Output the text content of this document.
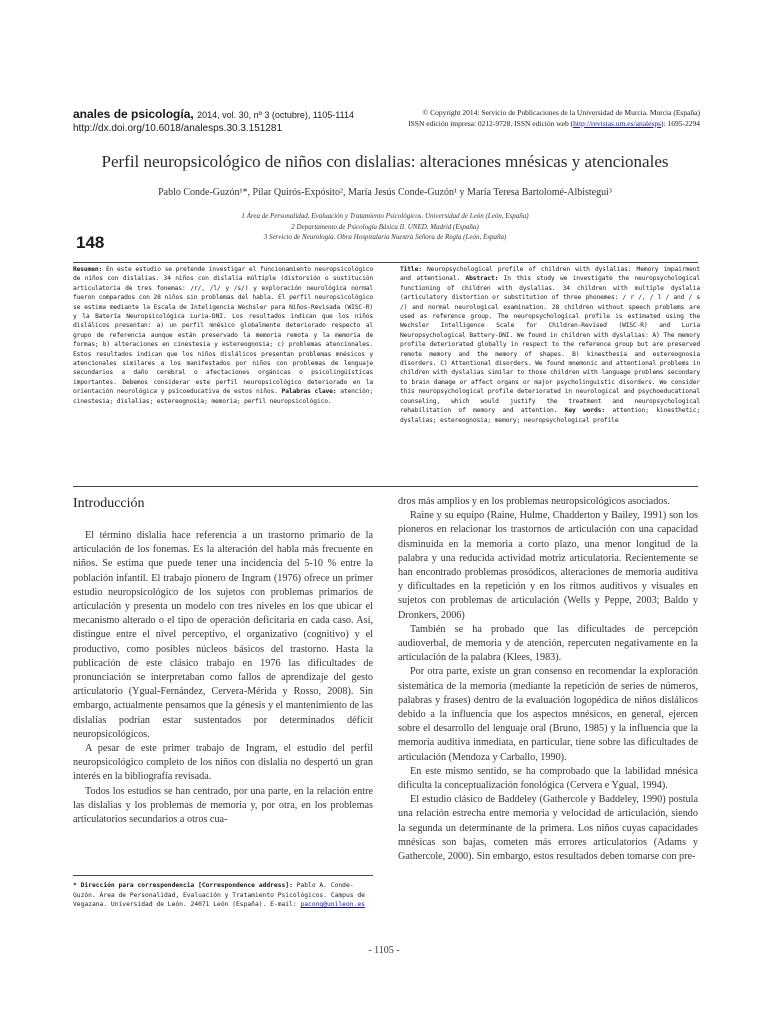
anales de psicología, 2014, vol. 30, nº 3 (octubre), 1105-1114
http://dx.doi.org/10.6018/analesps.30.3.151281
© Copyright 2014: Servicio de Publicaciones de la Universidad de Murcia. Murcia (España)
ISSN edición impresa: 0212-9728. ISSN edición web (http://revistas.um.es/analesps): 1695-2294
Perfil neuropsicológico de niños con dislalias: alteraciones mnésicas y atencionales
Pablo Conde-Guzón¹*, Pilar Quirós-Expósito², María Jesús Conde-Guzón¹ y María Teresa Bartolomé-Albistegui³
1 Área de Personalidad, Evaluación y Tratamiento Psicológicos. Universidad de León (León, España)
2 Departamento de Psicología Básica II. UNED. Madrid (España)
3 Servicio de Neurología. Obra Hospitalaria Nuestra Señora de Regla (León, España)
148
Resumen: En este estudio se pretende investigar el funcionamiento neuropsicológico de niños con dislalias. 34 niños con dislalia múltiple (distorsión o sustitución articulatoria de tres fonemas: /r/, /l/ y /s/) y exploración neurológica normal fueron comparados con 28 niños sin problemas del habla. El perfil neuropsicológico se estima mediante la Escala de Inteligencia Wechsler para Niños-Revisada (WISC-R) y la Batería Neuropsicológica Luria-DNI. Los resultados indican que los niños dislálicos presentan: a) un perfil mnésico globalmente deteriorado respecto al grupo de referencia aunque están preservado la memoria remota y la memoria de formas; b) alteraciones en cinestesia y estereognosia; c) problemas atencionales. Estos resultados indican que los niños dislálicos presentan problemas mnésicos y atencionales similares a los manifestados por niños con problemas de lenguaje secundarios a daño cerebral o afectaciones orgánicas o psicolingüísticas importantes. Debemos considerar este perfil neuropsicológico deteriorado en la orientación neurológica y psicoeducativa de estos niños. Palabras clave: atención; cinestesia; dislalias; estereognosia; memoria; perfil neuropsicológico.
Title: Neuropsychological profile of children with dyslalias: Memory impairment and attentional. Abstract: In this study we investigate the neuropsychological functioning of children with dyslalias. 34 children with multiple dyslalia (articulatory distortion or substitution of three phonemes: / r /, / l / and / s /) and normal neurological examination. 28 children without speech problems are used as reference group. The neuropsychological profile is estimated using the Wechsler Intelligence Scale for Children-Revised (WISC-R) and Luria Neuropsychological Battery-DNI. We found in children with dyslalias: A) The memory profile deteriorated globally in respect to the reference group but are preserved remote memory and the memory of shapes. B) kinesthesia and estereognosia disorders. C) Attentional disorders. We found mnemonic and attentional problems in children with dyslalias similar to those children with language problems secondary to brain damage or affect organs or major psycholinguistic disorders. We consider this neuropsychological profile deteriorated in neurological and psychoeducational counseling, which would justify the treatment and neuropsychological rehabilitation of memory and attention. Key words: attention; kinesthetic; dyslalias; estereognosia; memory; neuropsychological profile
Introducción

El término dislalia hace referencia a un trastorno primario de la articulación de los fonemas. Es la alteración del habla más frecuente en niños. Se estima que puede tener una incidencia del 5-10 % entre la población infantil. El trabajo pionero de Ingram (1976) ofrece un primer estudio neuropsicológico de los sujetos con problemas primarios de articulación y presenta un modelo con tres niveles en los que ubicar el mecanismo alterado o el tipo de operación deficitaria en cada caso. Así, distingue entre el nivel perceptivo, el organizativo (cognitivo) y el productivo, como posibles núcleos básicos del trastorno. Hasta la publicación de este clásico trabajo en 1976 las dificultades de pronunciación se interpretaban como fallos de aprendizaje del gesto articulatorio (Ygual-Fernández, Cervera-Mérida y Rosso, 2008). Sin embargo, actualmente pensamos que la génesis y el mantenimiento de las dislalias podrían estar sustentados por determinados déficit neuropsicológicos.

A pesar de este primer trabajo de Ingram, el estudio del perfil neuropsicológico completo de los niños con dislalia no despertó un gran interés en la bibliografía revisada.

Todos los estudios se han centrado, por una parte, en la relación entre las dislalias y los problemas de memoria y, por otra, en los problemas articulatorios secundarios a otros cua-

dros más amplios y en los problemas neuropsicológicos asociados.

Raine y su equipo (Raine, Hulme, Chadderton y Bailey, 1991) son los pioneros en relacionar los trastornos de articulación con una capacidad disminuida en la memoria a corto plazo, una menor longitud de la palabra y una reducida actividad motriz articulatoria. Recientemente se han encontrado problemas prosódicos, alteraciones de memoria auditiva y dificultades en la repetición y en los ritmos auditivos y visuales en sujetos con problemas de articulación (Wells y Peppe, 2003; Baldo y Dronkers, 2006)

También se ha probado que las dificultades de percepción audioverbal, de memoria y de atención, repercuten negativamente en la articulación de la palabra (Klees, 1983).

Por otra parte, existe un gran consenso en recomendar la exploración sistemática de la memoria (mediante la repetición de series de números, palabras y frases) dentro de la evaluación logopédica de niños dislálicos debido a la influencia que los aspectos mnésicos, en general, ejercen sobre el desarrollo del lenguaje oral (Bruno, 1985) y la influencia que la memoria auditiva inmediata, en particular, tiene sobre las dificultades de articulación (Mendoza y Carballo, 1990).

En este mismo sentido, se ha comprobado que la labilidad mnésica dificulta la conceptualización fonológica (Cervera e Ygual, 1994).

El estudio clásico de Baddeley (Gathercole y Baddeley, 1990) postula una relación estrecha entre memoria y velocidad de articulación, siendo la segunda un determinante de la primera. Los niños cuyas capacidades mnésicas son bajas, cometen más errores articulatorios (Adams y Gathercole, 2000). Sin embargo, estos resultados deben tomarse con pre-

* Dirección para correspondencia [Correspondence address]: Pablo A. Conde-Guzón. Área de Personalidad, Evaluación y Tratamiento Psicológicos. Campus de Vegazana. Universidad de León. 24071 León (España). E-mail: pacong@unileon.es
- 1105 -
